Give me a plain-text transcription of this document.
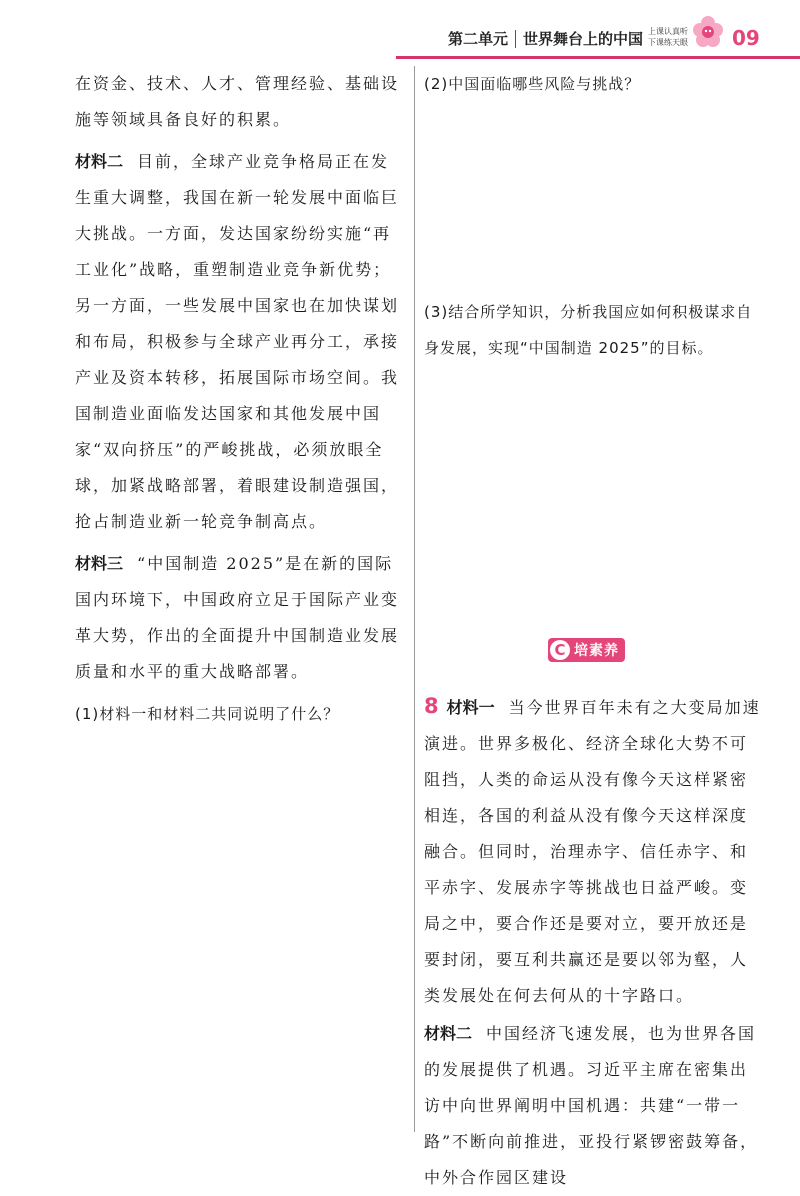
第二单元 世界舞台上的中国 上课认真听
下课练天眼	09

在资金、技术、人才、管理经验、基础设施等领域具备良好的积累。

材料二 目前，全球产业竞争格局正在发生重大调整，我国在新一轮发展中面临巨大挑战。一方面，发达国家纷纷实施“再工业化”战略，重塑制造业竞争新优势；另一方面，一些发展中国家也在加快谋划和布局，积极参与全球产业再分工，承接产业及资本转移，拓展国际市场空间。我国制造业面临发达国家和其他发展中国家“双向挤压”的严峻挑战，必须放眼全球，加紧战略部署，着眼建设制造强国，抢占制造业新一轮竞争制高点。

材料三 “中国制造 2025”是在新的国际国内环境下，中国政府立足于国际产业变革大势，作出的全面提升中国制造业发展质量和水平的重大战略部署。

(1)材料一和材料二共同说明了什么？

(2)中国面临哪些风险与挑战？

(3)结合所学知识，分析我国应如何积极谋求自身发展，实现“中国制造 2025”的目标。

C 培素养

8 材料一 当今世界百年未有之大变局加速演进。世界多极化、经济全球化大势不可阻挡，人类的命运从没有像今天这样紧密相连，各国的利益从没有像今天这样深度融合。但同时，治理赤字、信任赤字、和平赤字、发展赤字等挑战也日益严峻。变局之中，要合作还是要对立，要开放还是要封闭，要互利共赢还是要以邻为壑，人类发展处在何去何从的十字路口。

材料二 中国经济飞速发展，也为世界各国的发展提供了机遇。习近平主席在密集出访中向世界阐明中国机遇：共建“一带一路”不断向前推进，亚投行紧锣密鼓筹备，中外合作园区建设
